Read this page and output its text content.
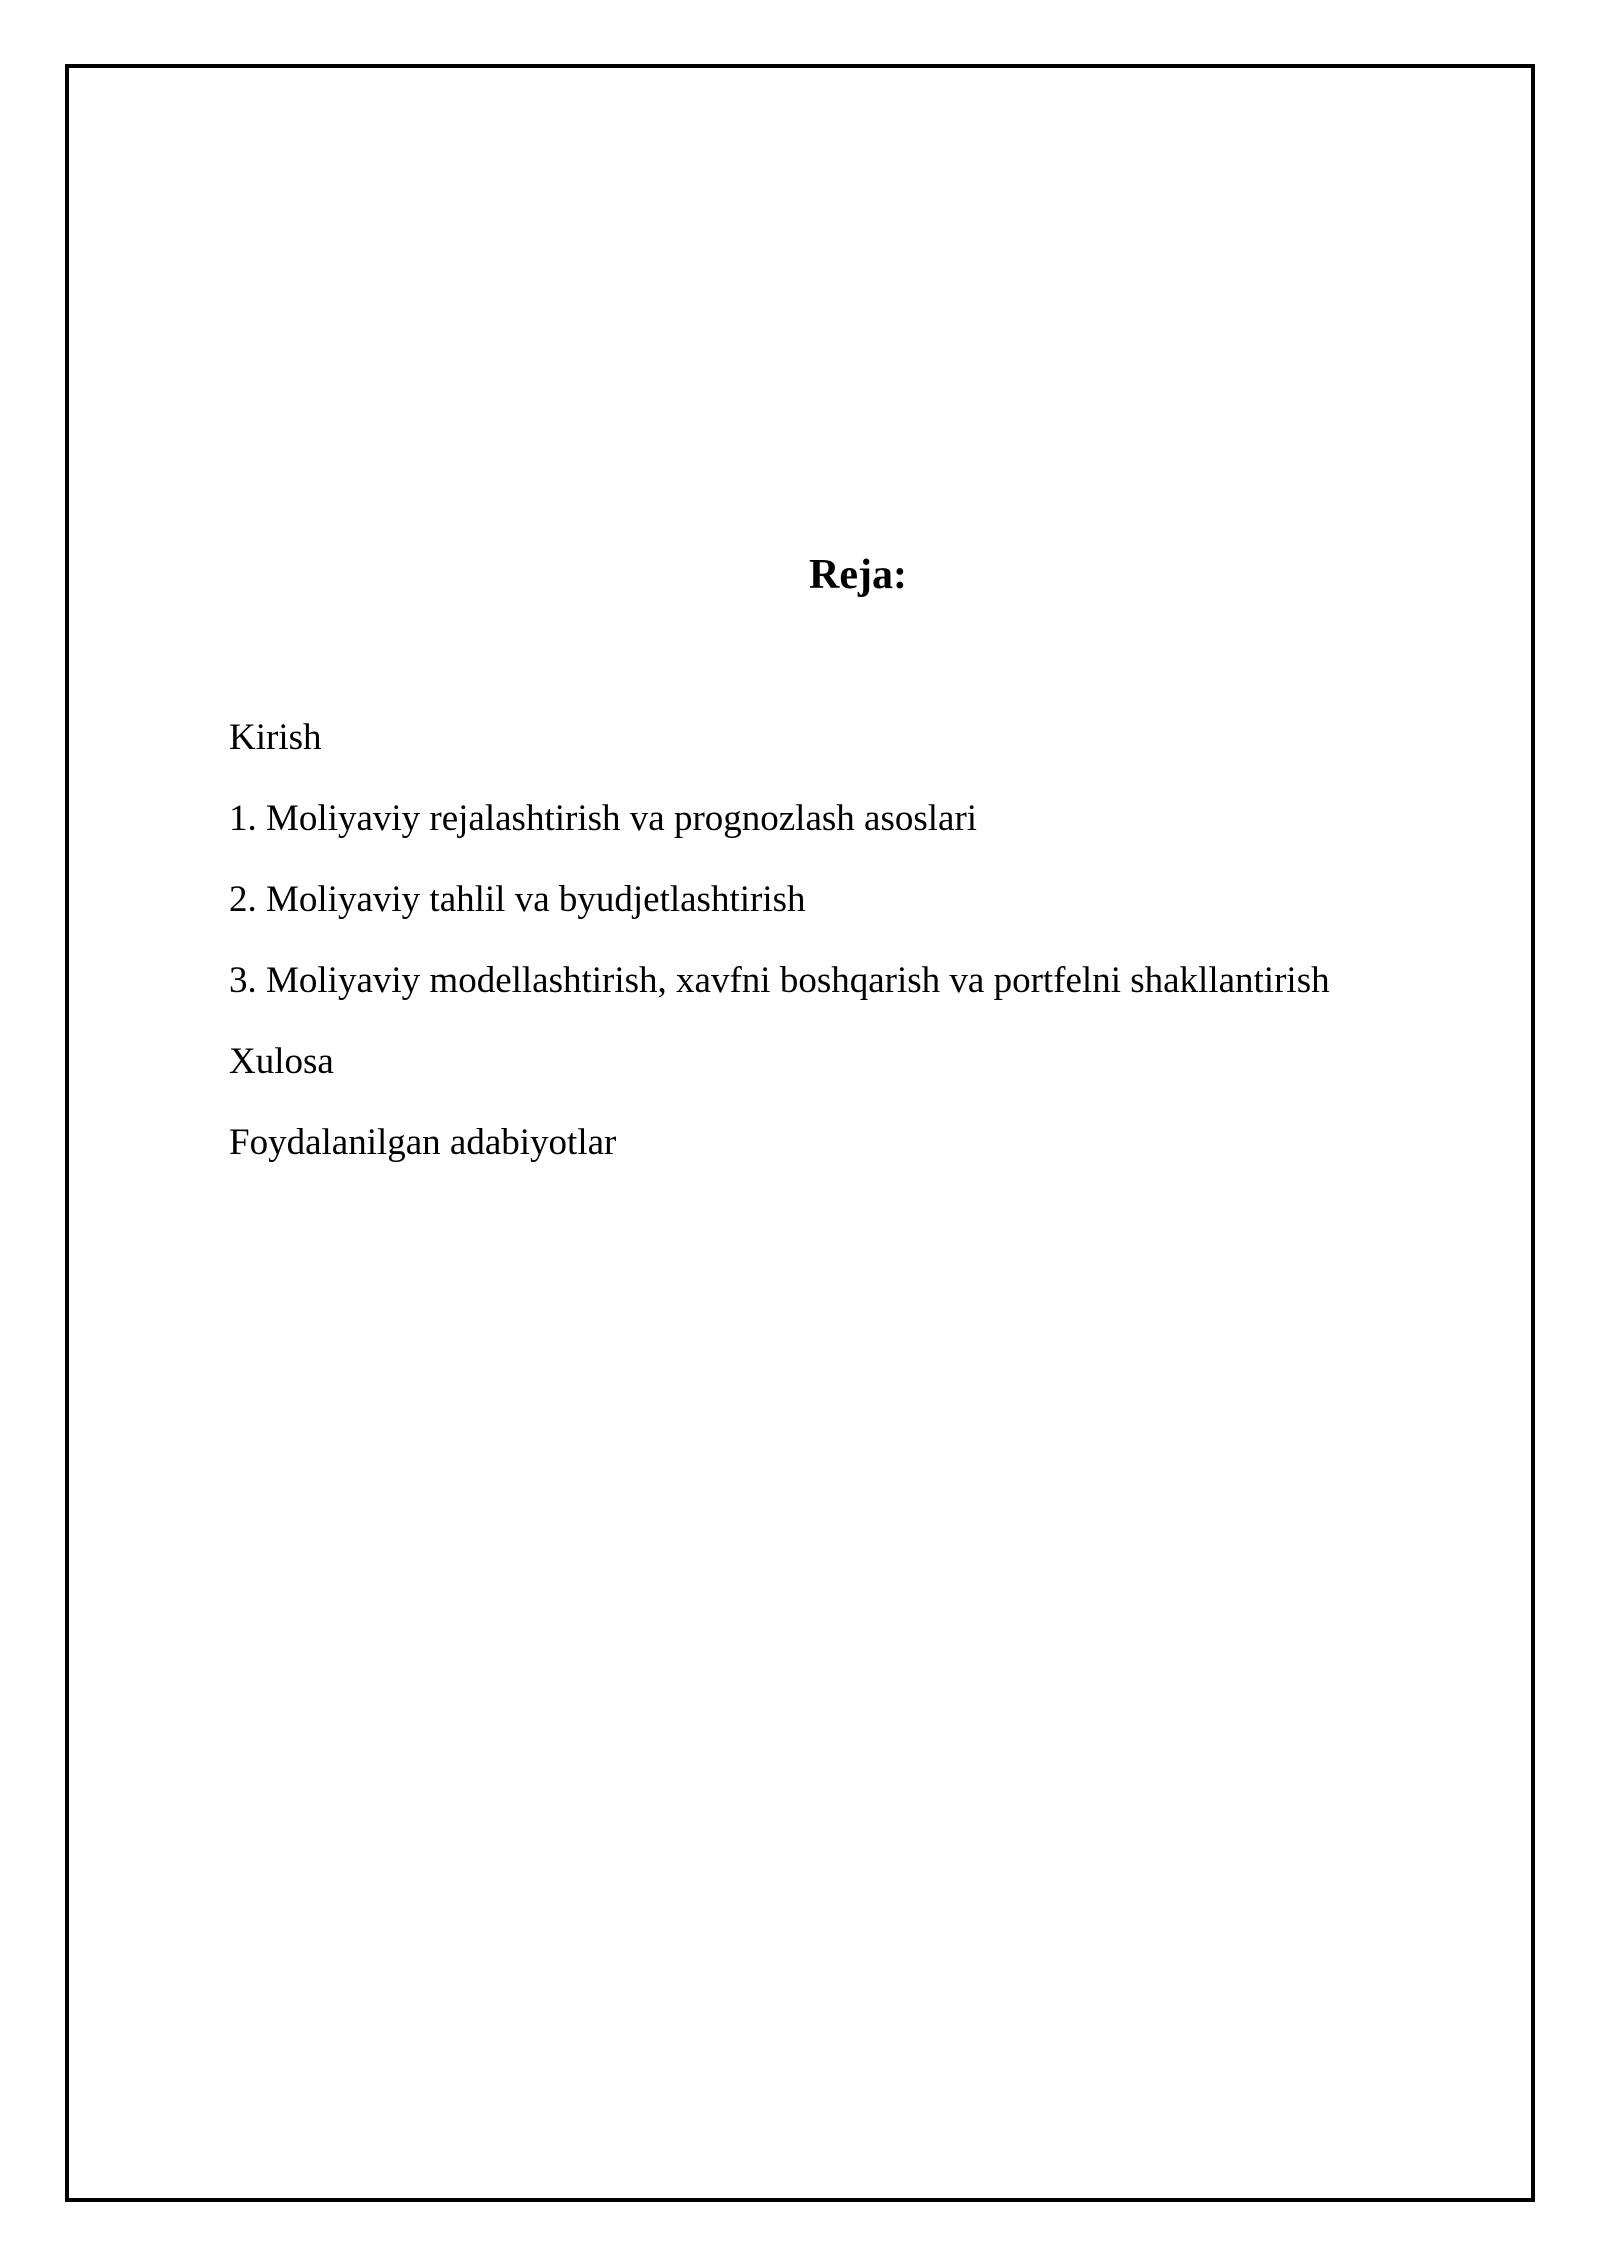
Reja:
Kirish
1. Moliyaviy rejalashtirish va prognozlash asoslari
2. Moliyaviy tahlil va byudjetlashtirish
3. Moliyaviy modellashtirish, xavfni boshqarish va portfelni shakllantirish
Xulosa
Foydalanilgan adabiyotlar
